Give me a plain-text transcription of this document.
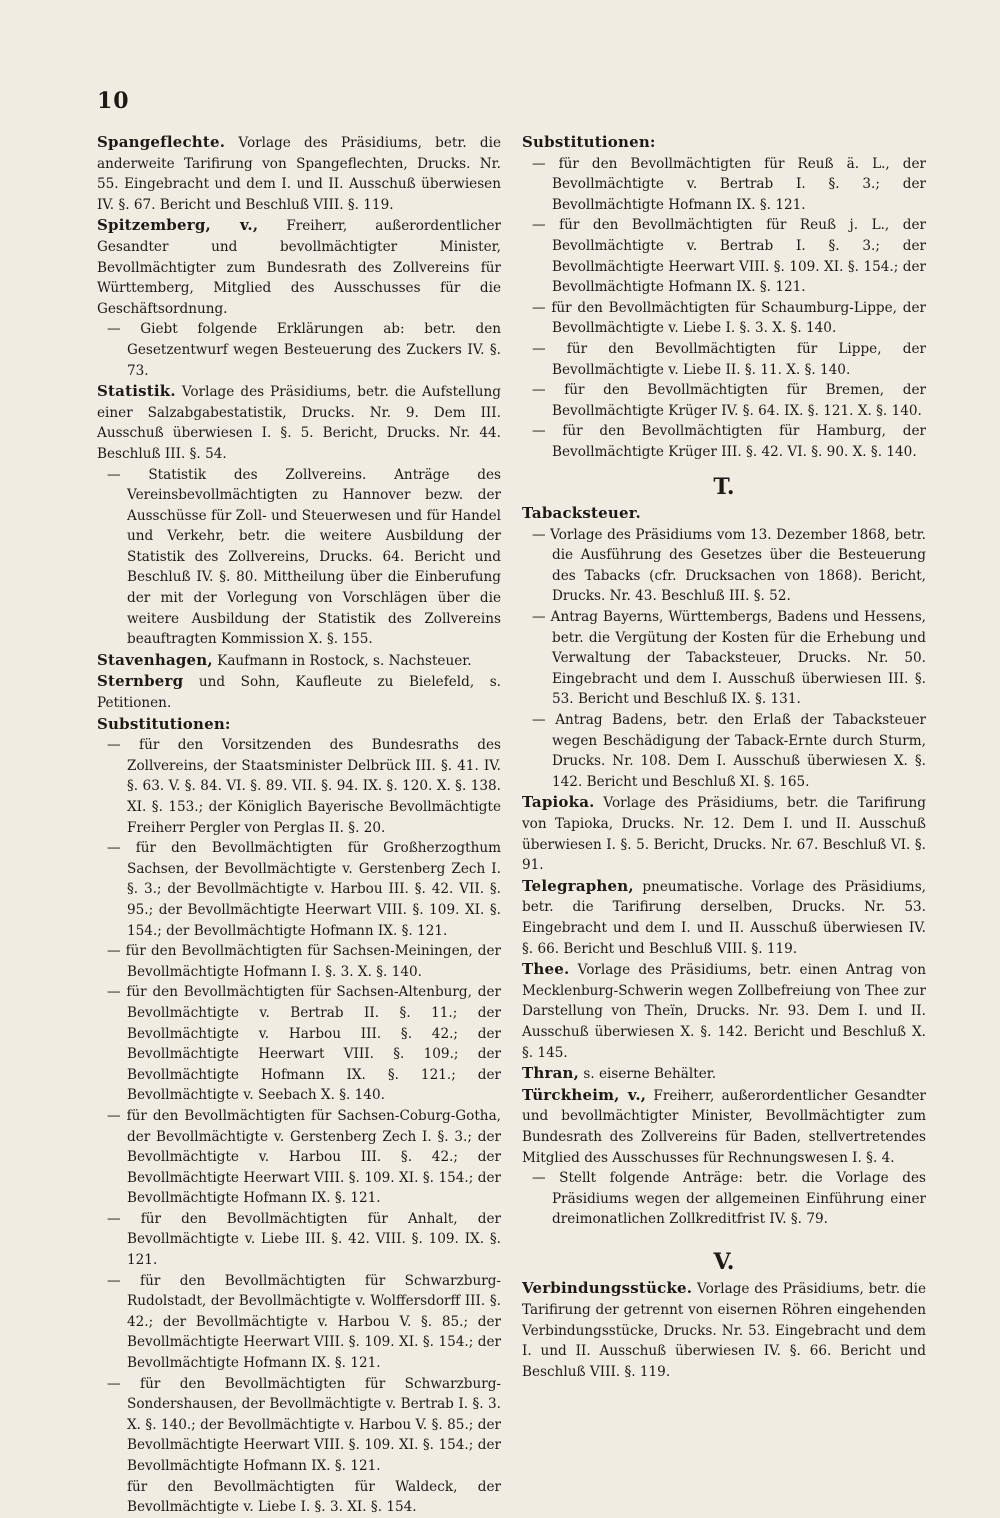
10
Spangeflechte. Vorlage des Präsidiums, betr. die anderweite Tarifirung von Spangeflechten, Drucks. Nr. 55. Eingebracht und dem I. und II. Ausschuß überwiesen IV. §. 67. Bericht und Beschluß VIII. §. 119.
Spitzemberg, v., Freiherr, außerordentlicher Gesandter und bevollmächtigter Minister, Bevollmächtigter zum Bundesrath des Zollvereins für Württemberg, Mitglied des Ausschusses für die Geschäftsordnung.

— Giebt folgende Erklärungen ab: betr. den Gesetzentwurf wegen Besteuerung des Zuckers IV. §. 73.

Statistik. Vorlage des Präsidiums, betr. die Aufstellung einer Salzabgabestatistik, Drucks. Nr. 9. Dem III. Ausschuß überwiesen I. §. 5. Bericht, Drucks. Nr. 44. Beschluß III. §. 54.

— Statistik des Zollvereins. Anträge des Vereinsbevollmächtigten zu Hannover bezw. der Ausschüsse für Zoll- und Steuerwesen und für Handel und Verkehr, betr. die weitere Ausbildung der Statistik des Zollvereins, Drucks. 64. Bericht und Beschluß IV. §. 80. Mittheilung über die Einberufung der mit der Vorlegung von Vorschlägen über die weitere Ausbildung der Statistik des Zollvereins beauftragten Kommission X. §. 155.

Stavenhagen, Kaufmann in Rostock, s. Nachsteuer.
Sternberg und Sohn, Kaufleute zu Bielefeld, s. Petitionen.
Substitutionen:

— für den Vorsitzenden des Bundesraths des Zollvereins, der Staatsminister Delbrück III. §. 41. IV. §. 63. V. §. 84. VI. §. 89. VII. §. 94. IX. §. 120. X. §. 138. XI. §. 153.; der Königlich Bayerische Bevollmächtigte Freiherr Pergler von Perglas II. §. 20.

— für den Bevollmächtigten für Großherzogthum Sachsen, der Bevollmächtigte v. Gerstenberg Zech I. §. 3.; der Bevollmächtigte v. Harbou III. §. 42. VII. §. 95.; der Bevollmächtigte Heerwart VIII. §. 109. XI. §. 154.; der Bevollmächtigte Hofmann IX. §. 121.

— für den Bevollmächtigten für Sachsen-Meiningen, der Bevollmächtigte Hofmann I. §. 3. X. §. 140.

— für den Bevollmächtigten für Sachsen-Altenburg, der Bevollmächtigte v. Bertrab II. §. 11.; der Bevollmächtigte v. Harbou III. §. 42.; der Bevollmächtigte Heerwart VIII. §. 109.; der Bevollmächtigte Hofmann IX. §. 121.; der Bevollmächtigte v. Seebach X. §. 140.

— für den Bevollmächtigten für Sachsen-Coburg-Gotha, der Bevollmächtigte v. Gerstenberg Zech I. §. 3.; der Bevollmächtigte v. Harbou III. §. 42.; der Bevollmächtigte Heerwart VIII. §. 109. XI. §. 154.; der Bevollmächtigte Hofmann IX. §. 121.

— für den Bevollmächtigten für Anhalt, der Bevollmächtigte v. Liebe III. §. 42. VIII. §. 109. IX. §. 121.

— für den Bevollmächtigten für Schwarzburg-Rudolstadt, der Bevollmächtigte v. Wolffersdorff III. §. 42.; der Bevollmächtigte v. Harbou V. §. 85.; der Bevollmächtigte Heerwart VIII. §. 109. XI. §. 154.; der Bevollmächtigte Hofmann IX. §. 121.

— für den Bevollmächtigten für Schwarzburg-Sondershausen, der Bevollmächtigte v. Bertrab I. §. 3. X. §. 140.; der Bevollmächtigte v. Harbou V. §. 85.; der Bevollmächtigte Heerwart VIII. §. 109. XI. §. 154.; der Bevollmächtigte Hofmann IX. §. 121.

für den Bevollmächtigten für Waldeck, der Bevollmächtigte v. Liebe I. §. 3. XI. §. 154.

Substitutionen:

— für den Bevollmächtigten für Reuß ä. L., der Bevollmächtigte v. Bertrab I. §. 3.; der Bevollmächtigte Hofmann IX. §. 121.

— für den Bevollmächtigten für Reuß j. L., der Bevollmächtigte v. Bertrab I. §. 3.; der Bevollmächtigte Heerwart VIII. §. 109. XI. §. 154.; der Bevollmächtigte Hofmann IX. §. 121.

— für den Bevollmächtigten für Schaumburg-Lippe, der Bevollmächtigte v. Liebe I. §. 3. X. §. 140.

— für den Bevollmächtigten für Lippe, der Bevollmächtigte v. Liebe II. §. 11. X. §. 140.

— für den Bevollmächtigten für Bremen, der Bevollmächtigte Krüger IV. §. 64. IX. §. 121. X. §. 140.

— für den Bevollmächtigten für Hamburg, der Bevollmächtigte Krüger III. §. 42. VI. §. 90. X. §. 140.

T.
Tabacksteuer.

— Vorlage des Präsidiums vom 13. Dezember 1868, betr. die Ausführung des Gesetzes über die Besteuerung des Tabacks (cfr. Drucksachen von 1868). Bericht, Drucks. Nr. 43. Beschluß III. §. 52.

— Antrag Bayerns, Württembergs, Badens und Hessens, betr. die Vergütung der Kosten für die Erhebung und Verwaltung der Tabacksteuer, Drucks. Nr. 50. Eingebracht und dem I. Ausschuß überwiesen III. §. 53. Bericht und Beschluß IX. §. 131.

— Antrag Badens, betr. den Erlaß der Tabacksteuer wegen Beschädigung der Taback-Ernte durch Sturm, Drucks. Nr. 108. Dem I. Ausschuß überwiesen X. §. 142. Bericht und Beschluß XI. §. 165.

Tapioka. Vorlage des Präsidiums, betr. die Tarifirung von Tapioka, Drucks. Nr. 12. Dem I. und II. Ausschuß überwiesen I. §. 5. Bericht, Drucks. Nr. 67. Beschluß VI. §. 91.
Telegraphen, pneumatische. Vorlage des Präsidiums, betr. die Tarifirung derselben, Drucks. Nr. 53. Eingebracht und dem I. und II. Ausschuß überwiesen IV. §. 66. Bericht und Beschluß VIII. §. 119.
Thee. Vorlage des Präsidiums, betr. einen Antrag von Mecklenburg-Schwerin wegen Zollbefreiung von Thee zur Darstellung von Theïn, Drucks. Nr. 93. Dem I. und II. Ausschuß überwiesen X. §. 142. Bericht und Beschluß X. §. 145.
Thran, s. eiserne Behälter.
Türckheim, v., Freiherr, außerordentlicher Gesandter und bevollmächtigter Minister, Bevollmächtigter zum Bundesrath des Zollvereins für Baden, stellvertretendes Mitglied des Ausschusses für Rechnungswesen I. §. 4.

— Stellt folgende Anträge: betr. die Vorlage des Präsidiums wegen der allgemeinen Einführung einer dreimonatlichen Zollkreditfrist IV. §. 79.

V.
Verbindungsstücke. Vorlage des Präsidiums, betr. die Tarifirung der getrennt von eisernen Röhren eingehenden Verbindungsstücke, Drucks. Nr. 53. Eingebracht und dem I. und II. Ausschuß überwiesen IV. §. 66. Bericht und Beschluß VIII. §. 119.
